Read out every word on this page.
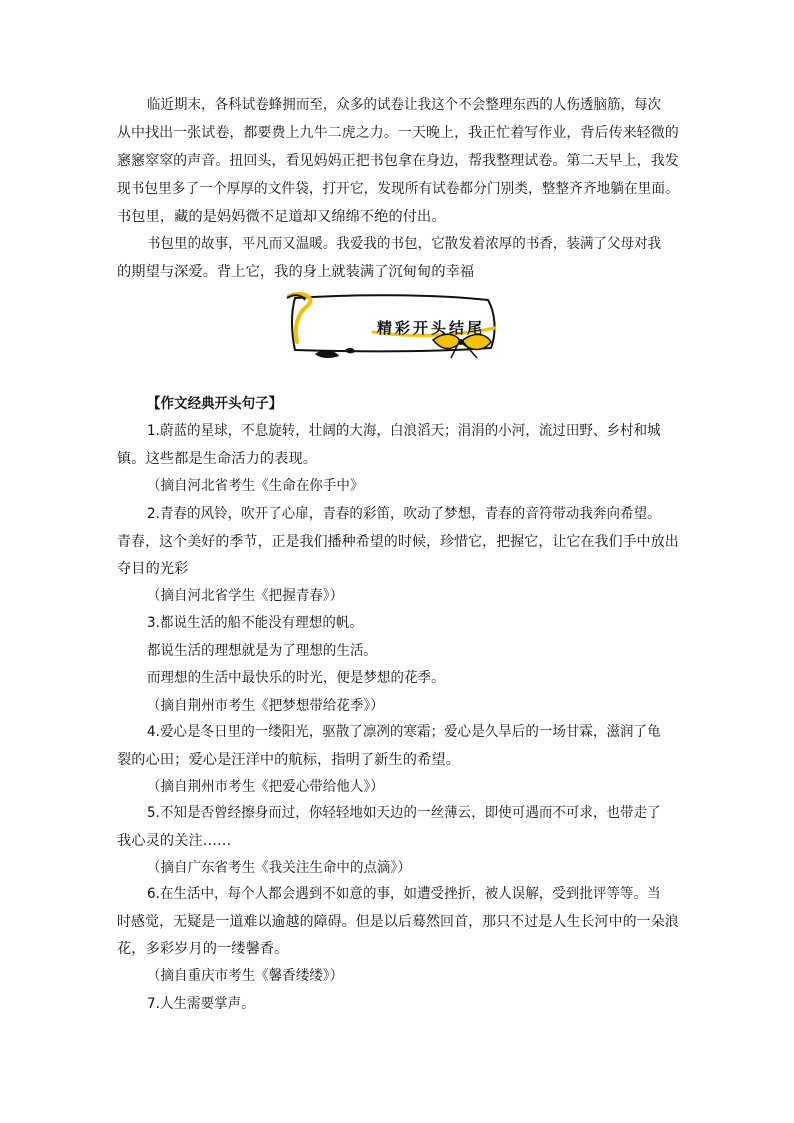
临近期末，各科试卷蜂拥而至，众多的试卷让我这个不会整理东西的人伤透脑筋，每次

从中找出一张试卷，都要费上九牛二虎之力。一天晚上，我正忙着写作业，背后传来轻微的

窸窸窣窣的声音。扭回头，看见妈妈正把书包拿在身边，帮我整理试卷。第二天早上，我发

现书包里多了一个厚厚的文件袋，打开它，发现所有试卷都分门别类，整整齐齐地躺在里面。

书包里，藏的是妈妈微不足道却又绵绵不绝的付出。

书包里的故事，平凡而又温暖。我爱我的书包，它散发着浓厚的书香，装满了父母对我

的期望与深爱。背上它，我的身上就装满了沉甸甸的幸福

精彩开头结尾

【作文经典开头句子】

1.蔚蓝的星球，不息旋转，壮阔的大海，白浪滔天；涓涓的小河，流过田野、乡村和城

镇。这些都是生命活力的表现。

（摘自河北省考生《生命在你手中》

2.青春的风铃，吹开了心扉，青春的彩笛，吹动了梦想，青春的音符带动我奔向希望。

青春，这个美好的季节，正是我们播种希望的时候，珍惜它，把握它，让它在我们手中放出

夺目的光彩

（摘自河北省学生《把握青春》）

3.都说生活的船不能没有理想的帆。

都说生活的理想就是为了理想的生活。

而理想的生活中最快乐的时光，便是梦想的花季。

（摘自荆州市考生《把梦想带给花季》）

4.爱心是冬日里的一缕阳光，驱散了凛冽的寒霜；爱心是久旱后的一场甘霖，滋润了龟

裂的心田；爱心是汪洋中的航标，指明了新生的希望。

（摘自荆州市考生《把爱心带给他人》）

5.不知是否曾经擦身而过，你轻轻地如天边的一丝薄云，即使可遇而不可求，也带走了

我心灵的关注……

（摘自广东省考生《我关注生命中的点滴》）

6.在生活中，每个人都会遇到不如意的事，如遭受挫折，被人误解，受到批评等等。当

时感觉，无疑是一道难以逾越的障碍。但是以后蓦然回首，那只不过是人生长河中的一朵浪

花，多彩岁月的一缕馨香。

（摘自重庆市考生《馨香缕缕》）

7.人生需要掌声。
